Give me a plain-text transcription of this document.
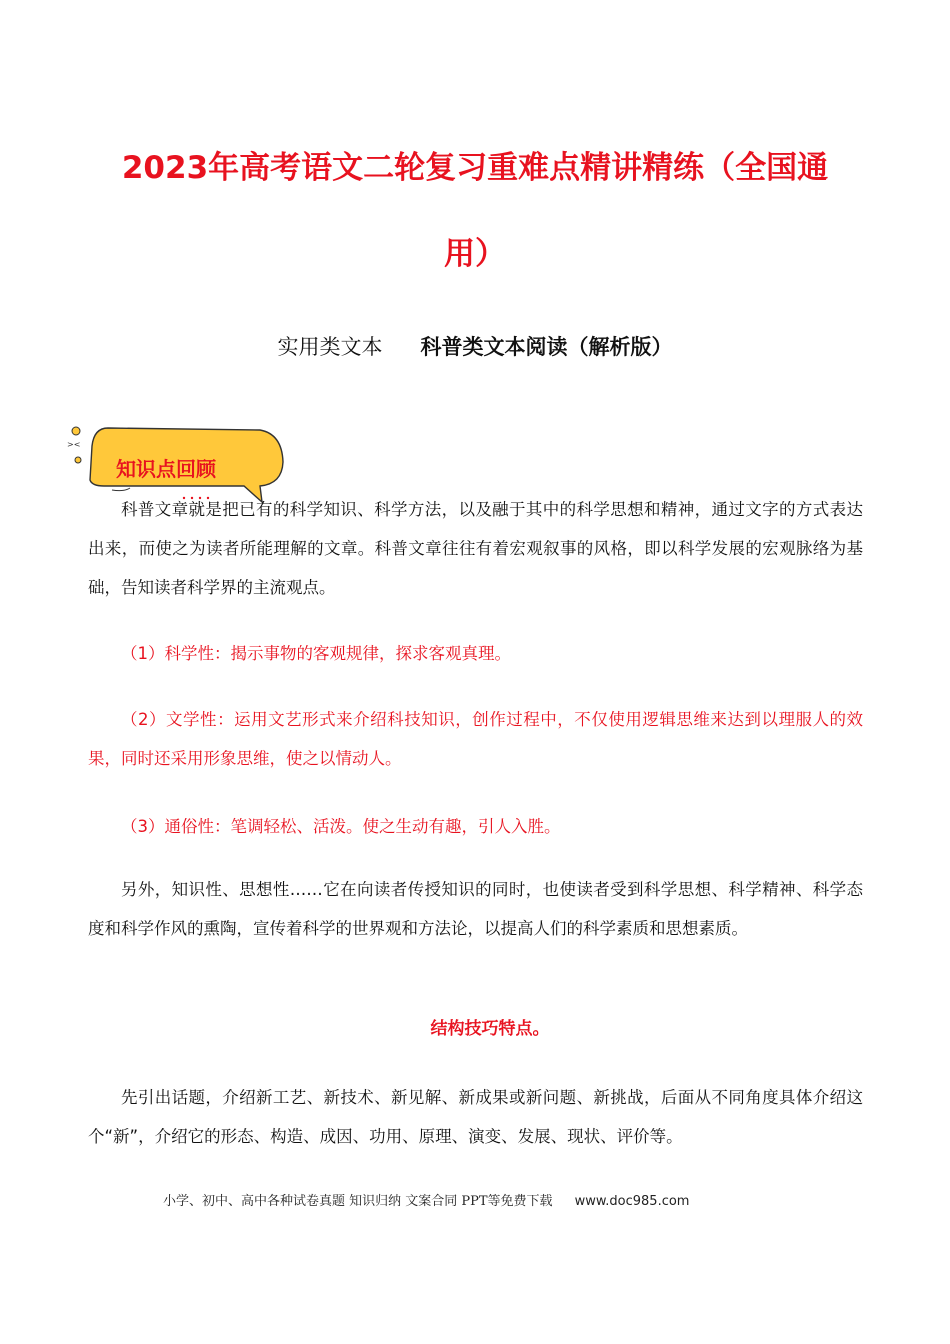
2023年高考语文二轮复习重难点精讲精练（全国通
用）
实用类文本 科普类文本阅读（解析版）
><
知识点回顾

科普文章就是把已有的科学知识、科学方法，以及融于其中的科学思想和精神，通过文字的方式表达出来，而使之为读者所能理解的文章。科普文章往往有着宏观叙事的风格，即以科学发展的宏观脉络为基础，告知读者科学界的主流观点。

（1）科学性：揭示事物的客观规律，探求客观真理。

（2）文学性：运用文艺形式来介绍科技知识，创作过程中，不仅使用逻辑思维来达到以理服人的效果，同时还采用形象思维，使之以情动人。

（3）通俗性：笔调轻松、活泼。使之生动有趣，引人入胜。

另外，知识性、思想性……它在向读者传授知识的同时，也使读者受到科学思想、科学精神、科学态度和科学作风的熏陶，宣传着科学的世界观和方法论，以提高人们的科学素质和思想素质。

结构技巧特点。

先引出话题，介绍新工艺、新技术、新见解、新成果或新问题、新挑战，后面从不同角度具体介绍这个“新”，介绍它的形态、构造、成因、功用、原理、演变、发展、现状、评价等。

小学、初中、高中各种试卷真题 知识归纳 文案合同 PPT等免费下载 www.doc985.com
